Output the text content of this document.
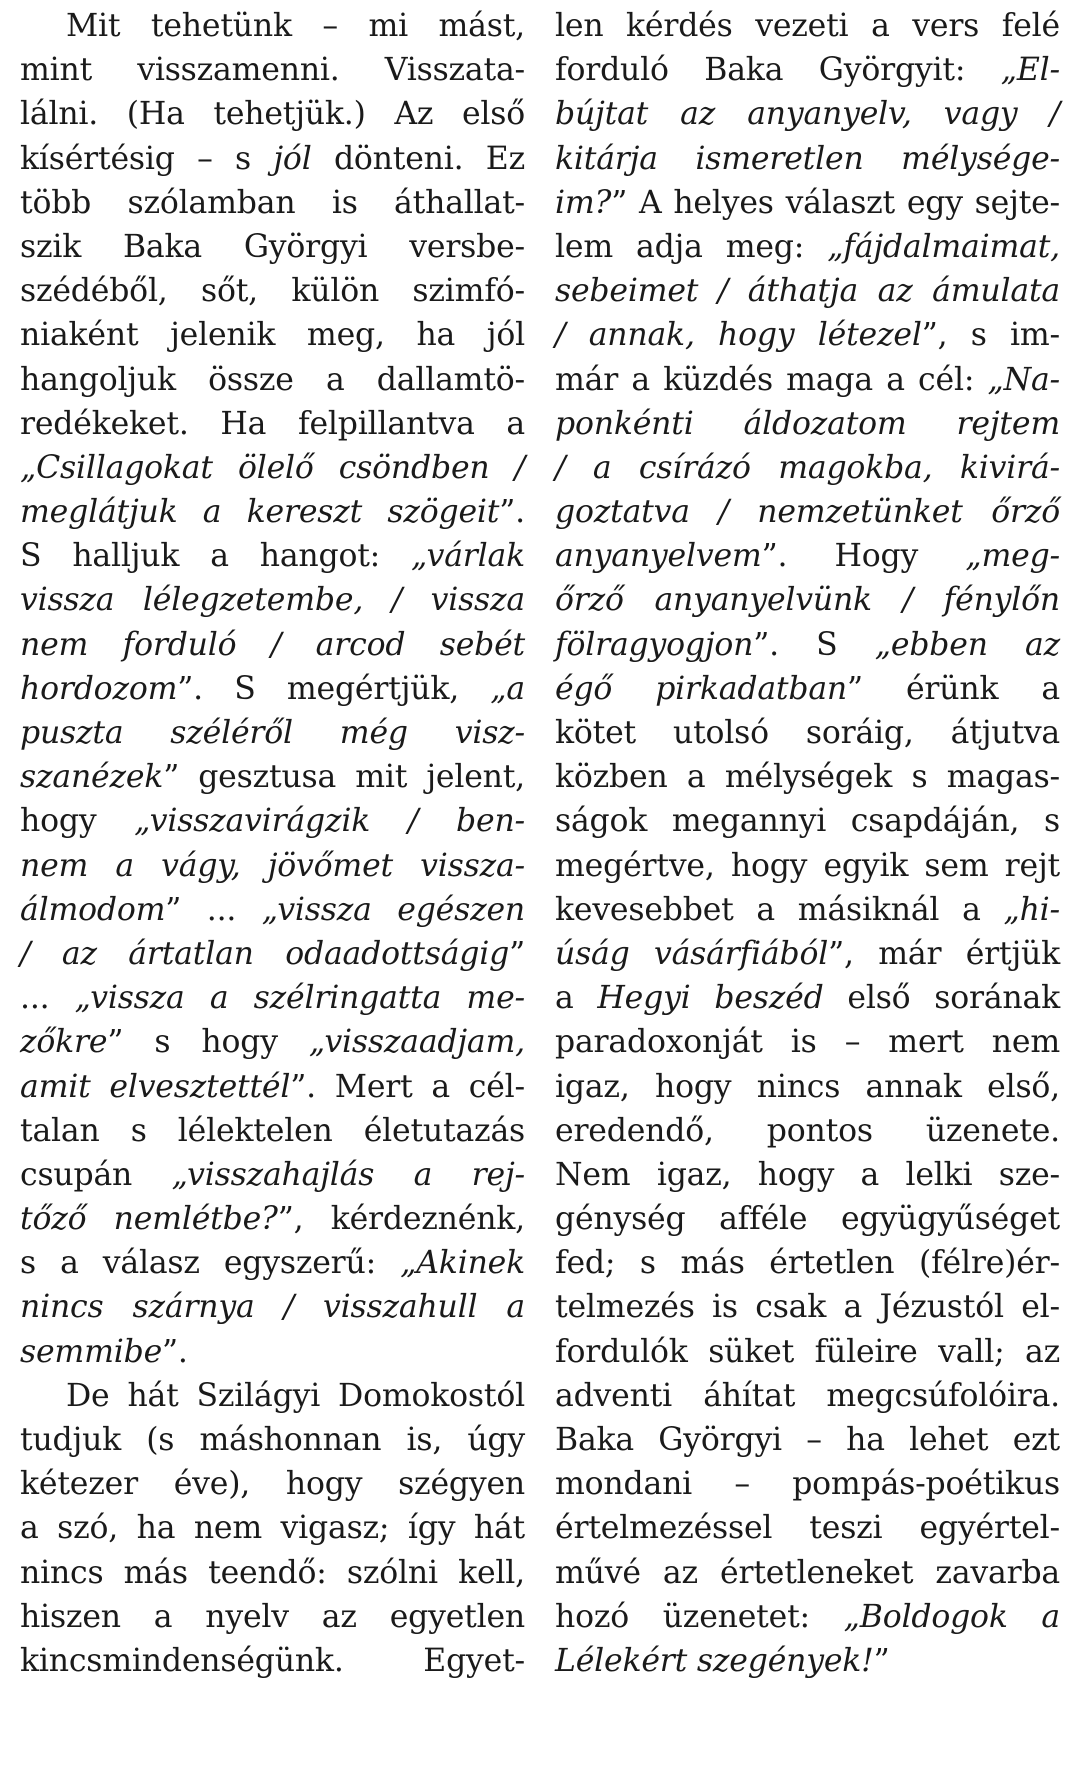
Mit tehetünk – mi mást,
mint visszamenni. Visszata-
lálni. (Ha tehetjük.) Az első
kísértésig – s jól dönteni. Ez
több szólamban is áthallat-
szik Baka Györgyi versbe-
szédéből, sőt, külön szimfó-
niaként jelenik meg, ha jól
hangoljuk össze a dallamtö-
redékeket. Ha felpillantva a
„Csillagokat ölelő csöndben /
meglátjuk a kereszt szögeit”.
S halljuk a hangot: „várlak
vissza lélegzetembe, / vissza
nem forduló / arcod sebét
hordozom”. S megértjük, „a
puszta széléről még visz-
szanézek” gesztusa mit jelent,
hogy „visszavirágzik / ben-
nem a vágy, jövőmet vissza-
álmodom” ... „vissza egészen
/ az ártatlan odaadottságig”
... „vissza a szélringatta me-
zőkre” s hogy „visszaadjam,
amit elvesztettél”. Mert a cél-
talan s lélektelen életutazás
csupán „visszahajlás a rej-
tőző nemlétbe?”, kérdeznénk,
s a válasz egyszerű: „Akinek
nincs szárnya / visszahull a
semmibe”.
De hát Szilágyi Domokostól
tudjuk (s máshonnan is, úgy
kétezer éve), hogy szégyen
a szó, ha nem vigasz; így hát
nincs más teendő: szólni kell,
hiszen a nyelv az egyetlen
kincsmindenségünk. Egyet-
len kérdés vezeti a vers felé
forduló Baka Györgyit: „El-
bújtat az anyanyelv, vagy /
kitárja ismeretlen mélysége-
im?” A helyes választ egy sejte-
lem adja meg: „fájdalmaimat,
sebeimet / áthatja az ámulata
/ annak, hogy létezel”, s im-
már a küzdés maga a cél: „Na-
ponkénti áldozatom rejtem
/ a csírázó magokba, kivirá-
goztatva / nemzetünket őrző
anyanyelvem”. Hogy „meg-
őrző anyanyelvünk / fénylőn
fölragyogjon”. S „ebben az
égő pirkadatban” érünk a
kötet utolsó soráig, átjutva
közben a mélységek s magas-
ságok megannyi csapdáján, s
megértve, hogy egyik sem rejt
kevesebbet a másiknál a „hi-
úság vásárfiából”, már értjük
a Hegyi beszéd első sorának
paradoxonját is – mert nem
igaz, hogy nincs annak első,
eredendő, pontos üzenete.
Nem igaz, hogy a lelki sze-
génység afféle együgyűséget
fed; s más értetlen (félre)ér-
telmezés is csak a Jézustól el-
fordulók süket füleire vall; az
adventi áhítat megcsúfolóira.
Baka Györgyi – ha lehet ezt
mondani – pompás-poétikus
értelmezéssel teszi egyértel-
művé az értetleneket zavarba
hozó üzenetet: „Boldogok a
Lélekért szegények!”
